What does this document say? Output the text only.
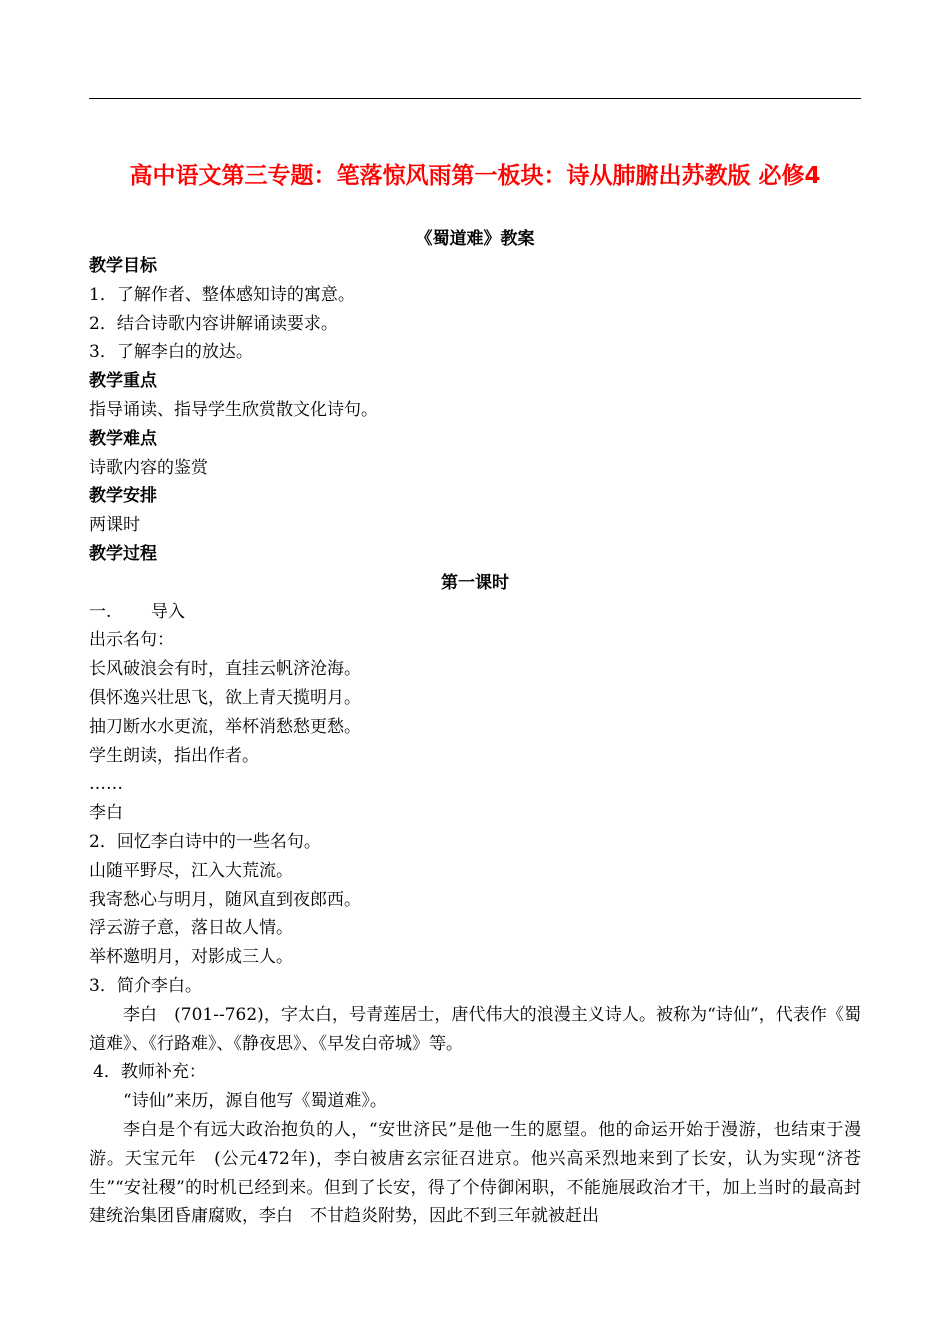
高中语文第三专题：笔落惊风雨第一板块：诗从肺腑出苏教版 必修4
《蜀道难》教案
教学目标
1．了解作者、整体感知诗的寓意。
2．结合诗歌内容讲解诵读要求。
3．了解李白的放达。
教学重点
指导诵读、指导学生欣赏散文化诗句。
教学难点
诗歌内容的鉴赏
教学安排
两课时
教学过程
第一课时
一. 导入
出示名句：
长风破浪会有时，直挂云帆济沧海。
俱怀逸兴壮思飞，欲上青天揽明月。
抽刀断水水更流，举杯消愁愁更愁。
学生朗读，指出作者。
……
李白
2．回忆李白诗中的一些名句。
山随平野尽，江入大荒流。
我寄愁心与明月，随风直到夜郎西。
浮云游子意，落日故人情。
举杯邀明月，对影成三人。
3．简介李白。
李白　(701--762)，字太白，号青莲居士，唐代伟大的浪漫主义诗人。被称为“诗仙”，代表作《蜀道难》、《行路难》、《静夜思》、《早发白帝城》等。
4．教师补充：
“诗仙”来历，源自他写《蜀道难》。
李白是个有远大政治抱负的人，“安世济民”是他一生的愿望。他的命运开始于漫游，也结束于漫游。天宝元年　(公元472年)，李白被唐玄宗征召进京。他兴高采烈地来到了长安，认为实现“济苍生”“安社稷”的时机已经到来。但到了长安，得了个侍御闲职，不能施展政治才干，加上当时的最高封建统治集团昏庸腐败，李白　不甘趋炎附势，因此不到三年就被赶出
